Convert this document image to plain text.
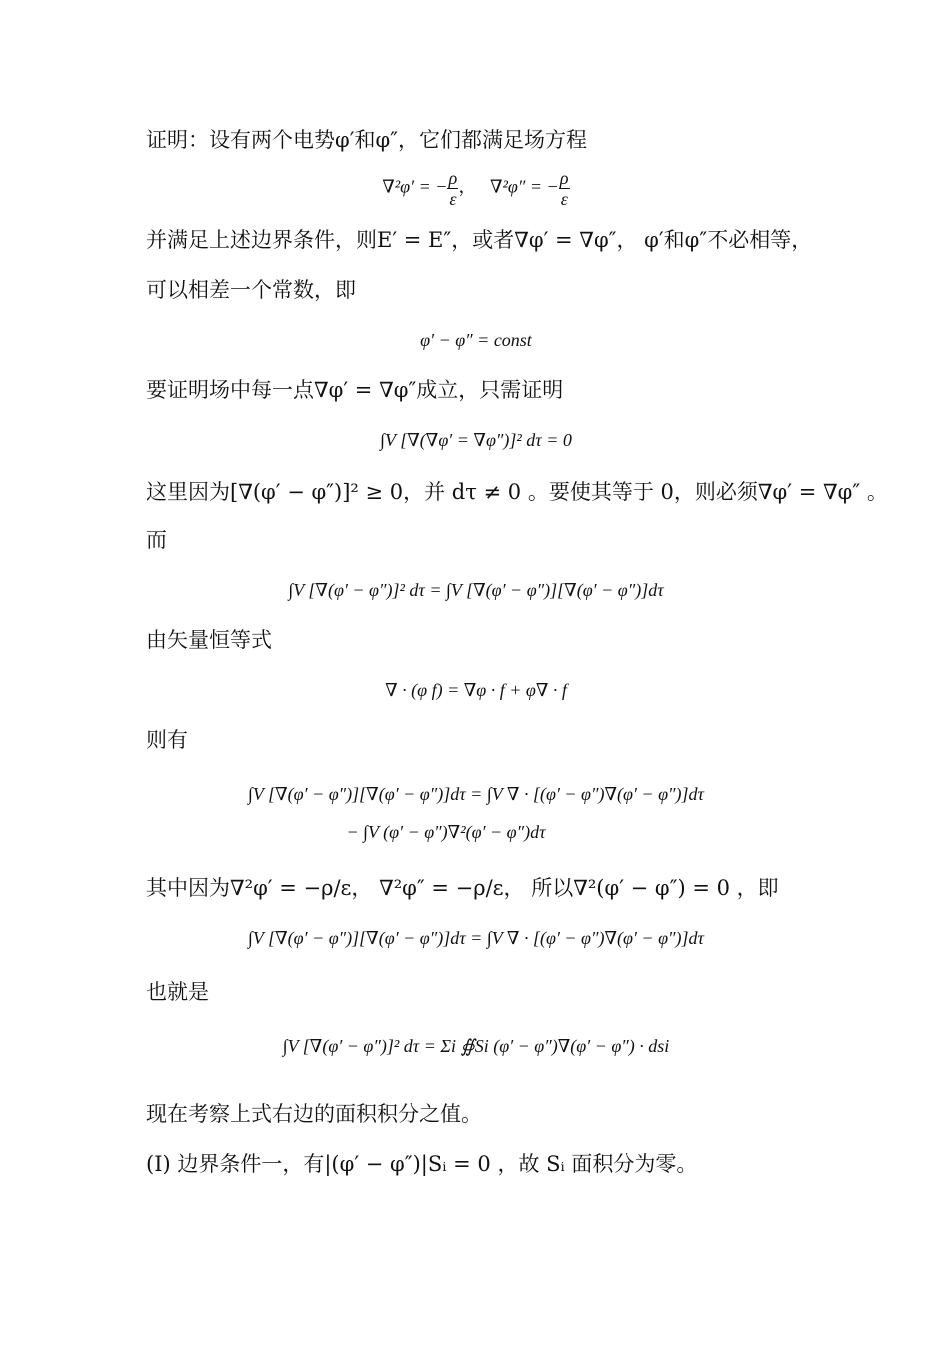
证明：设有两个电势φ′和φ″，它们都满足场方程
∇²φ′ = − $\frac{\rho}{\varepsilon}$ ，   ∇²φ″ = − $\frac{\rho}{\varepsilon}$
并满足上述边界条件，则E′ = E″，或者∇φ′ = ∇φ″， φ′和φ″不必相等，
可以相差一个常数，即
φ′ − φ″ = const
要证明场中每一点∇φ′ = ∇φ″成立，只需证明
∫V [∇(∇φ′ = ∇φ″)]² dτ = 0
这里因为[∇(φ′ − φ″)]² ≥ 0，并 dτ ≠ 0 。要使其等于 0，则必须∇φ′ = ∇φ″ 。
而
∫V [∇(φ′ − φ″)]² dτ = ∫V [∇(φ′ − φ″)][∇(φ′ − φ″)]dτ
由矢量恒等式
∇ · (φ f) = ∇φ · f + φ∇ · f
则有
∫V [∇(φ′ − φ″)][∇(φ′ − φ″)]dτ = ∫V ∇ · [(φ′ − φ″)∇(φ′ − φ″)]dτ
− ∫V (φ′ − φ″)∇²(φ′ − φ″)dτ
其中因为∇²φ′ = −ρ/ε， ∇²φ″ = −ρ/ε， 所以∇²(φ′ − φ″) = 0 ，即
∫V [∇(φ′ − φ″)][∇(φ′ − φ″)]dτ = ∫V ∇ · [(φ′ − φ″)∇(φ′ − φ″)]dτ
也就是
∫V [∇(φ′ − φ″)]² dτ = Σi ∯Si (φ′ − φ″)∇(φ′ − φ″) · dsi
现在考察上式右边的面积积分之值。
(I) 边界条件一，有|(φ′ − φ″)|Sᵢ = 0 ，故 Sᵢ 面积分为零。
